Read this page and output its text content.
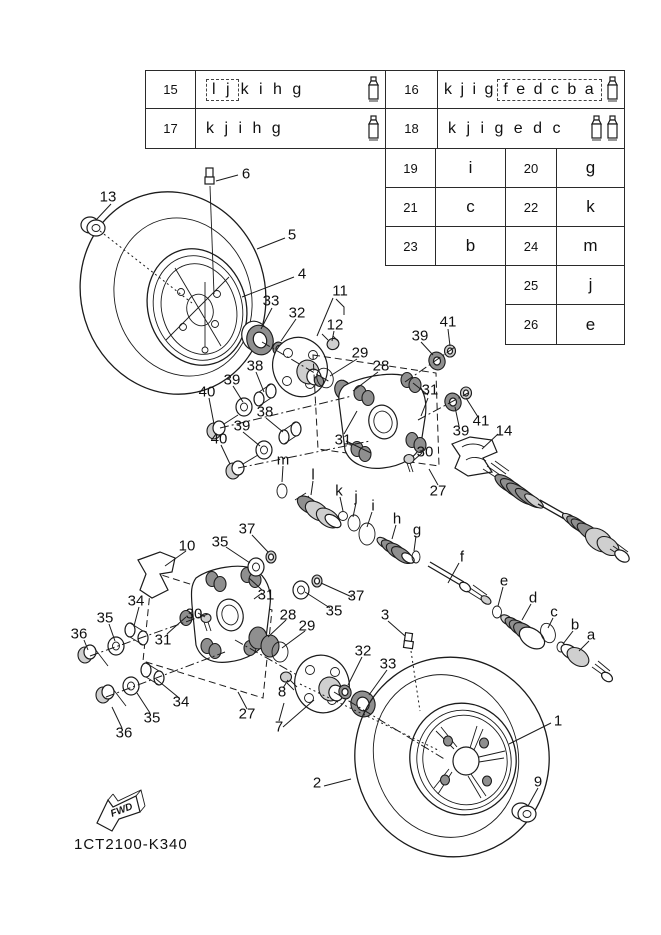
FWD
15	l j k i h g	16	k j i g f e d c b a
17	k j i h g	18	k j i g e d c
19	i	20	g
21	c	22	k
23	b	24	m
25	j
26	e
6
13
5
4
33
32
11
12
29
28
39
41
38
39
40
38
39
40
31
41
39 14
31
30
27
m
l
k j
i
h
g
f
e
d
c
b
a
10 35
37
31	37
35
34
35
36
30
31
28
29
34
35
36
27
3
32
33
8
7
2
1
9
1CT2100-K340
